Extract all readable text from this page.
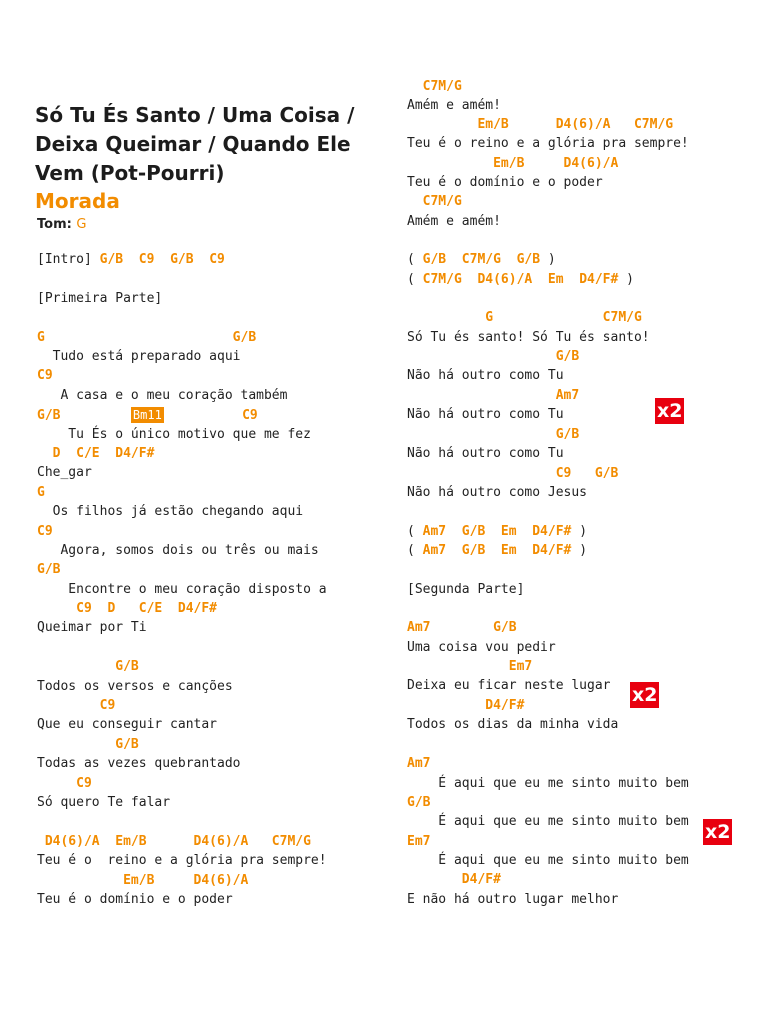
Só Tu És Santo / Uma Coisa / Deixa Queimar / Quando Ele Vem (Pot-Pourri)
Morada
Tom: G
[Intro] G/B  C9  G/B  C9
[Primeira Parte]
G                        G/B
Tudo está preparado aqui
C9
A casa e o meu coração também
G/B         Bm11          C9
Tu És o único motivo que me fez
D  C/E  D4/F#
Che_gar
G
Os filhos já estão chegando aqui
C9
Agora, somos dois ou três ou mais
G/B
Encontre o meu coração disposto a
C9  D   C/E  D4/F#
Queimar por Ti
G/B
Todos os versos e canções
C9
Que eu conseguir cantar
G/B
Todas as vezes quebrantado
C9
Só quero Te falar
D4(6)/A  Em/B      D4(6)/A   C7M/G
Teu é o  reino e a glória pra sempre!
Em/B     D4(6)/A
Teu é o domínio e o poder
C7M/G
Amém e amém!
Em/B      D4(6)/A   C7M/G
Teu é o reino e a glória pra sempre!
Em/B     D4(6)/A
Teu é o domínio e o poder
C7M/G
Amém e amém!
( G/B  C7M/G  G/B )
( C7M/G  D4(6)/A  Em  D4/F# )
G              C7M/G
Só Tu és santo! Só Tu és santo!
G/B
Não há outro como Tu
Am7
Não há outro como Tu
G/B
Não há outro como Tu
C9   G/B
Não há outro como Jesus
( Am7  G/B  Em  D4/F# )
( Am7  G/B  Em  D4/F# )
[Segunda Parte]
Am7        G/B
Uma coisa vou pedir
Em7
Deixa eu ficar neste lugar
D4/F#
Todos os dias da minha vida
Am7
É aqui que eu me sinto muito bem
G/B
É aqui que eu me sinto muito bem
Em7
É aqui que eu me sinto muito bem
D4/F#
E não há outro lugar melhor
x2
x2
x2
